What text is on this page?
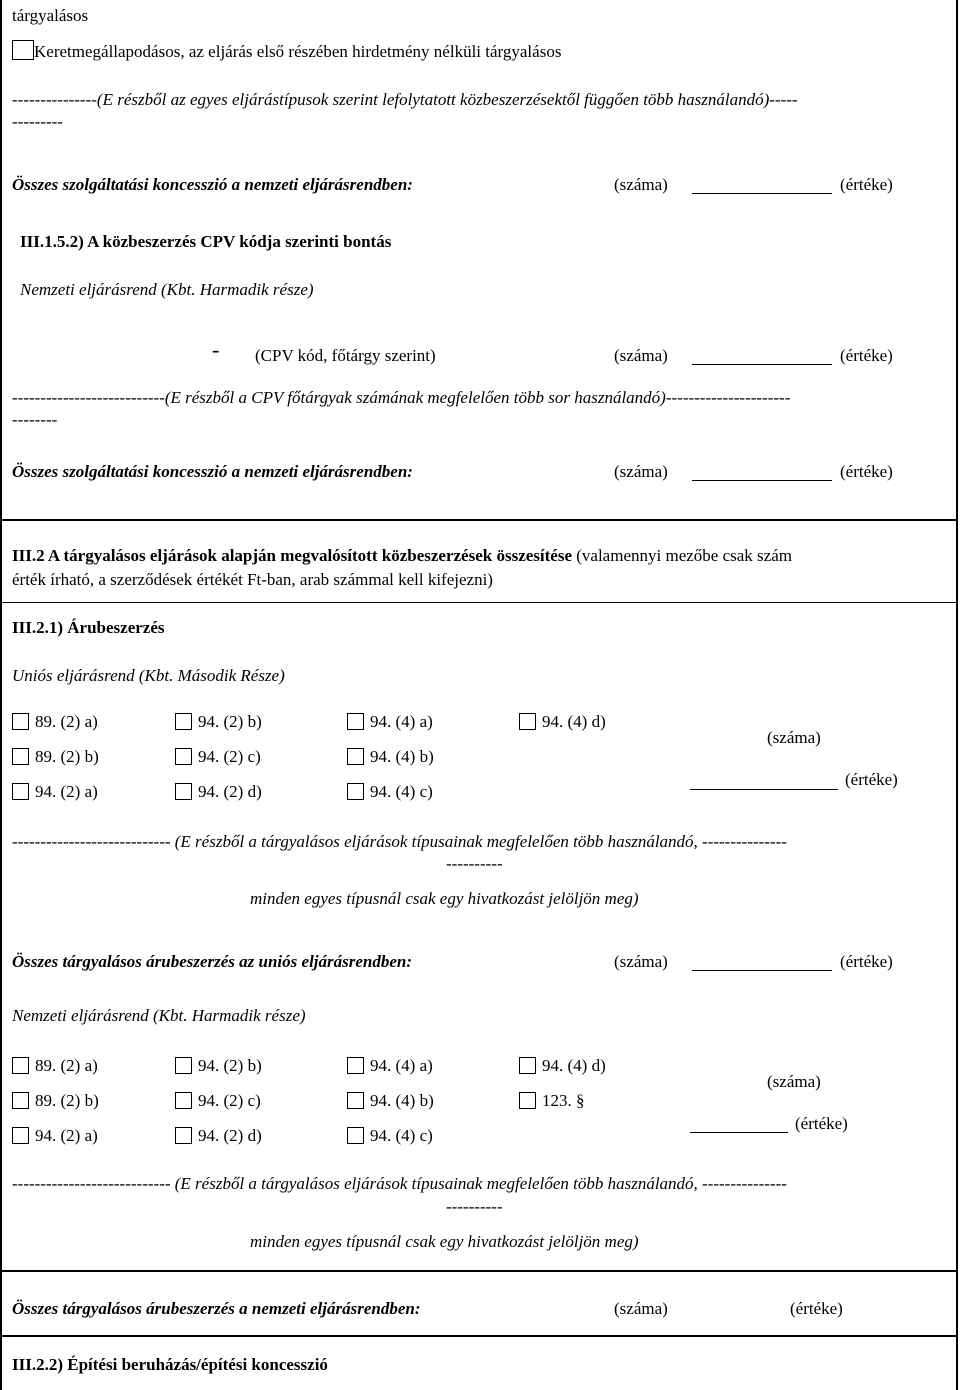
tárgyalásos
Keretmegállapodásos, az eljárás első részében hirdetmény nélküli tárgyalásos
---------------(E részből az egyes eljárástípusok szerint lefolytatott közbeszerzésektől függően több használandó)-----
---------
Összes szolgáltatási koncesszió a nemzeti eljárásrendben:	(száma)	(értéke)
III.1.5.2) A közbeszerzés CPV kódja szerinti bontás
Nemzeti eljárásrend (Kbt. Harmadik része)
- (CPV kód, főtárgy szerint)	(száma)	(értéke)
---------------------------(E részből a CPV főtárgyak számának megfelelően több sor használandó)----------------------
--------
Összes szolgáltatási koncesszió a nemzeti eljárásrendben:	(száma)	(értéke)
III.2 A tárgyalásos eljárások alapján megvalósított közbeszerzések összesítése (valamennyi mezőbe csak szám
érték írható, a szerződések értékét Ft-ban, arab számmal kell kifejezni)
III.2.1) Árubeszerzés
Uniós eljárásrend (Kbt. Második Része)
89. (2) a)	94. (2) b)	94. (4) a)	94. (4) d)
89. (2) b)	94. (2) c)	94. (4) b)
94. (2) a)	94. (2) d)	94. (4) c)
(száma)
(értéke)
---------------------------- (E részből a tárgyalásos eljárások típusainak megfelelően több használandó, ---------------
----------
minden egyes típusnál csak egy hivatkozást jelöljön meg)
Összes tárgyalásos árubeszerzés az uniós eljárásrendben:	(száma)	(értéke)
Nemzeti eljárásrend (Kbt. Harmadik része)
89. (2) a)	94. (2) b)	94. (4) a)	94. (4) d)
89. (2) b)	94. (2) c)	94. (4) b)	123. §
94. (2) a)	94. (2) d)	94. (4) c)
(száma)
(értéke)
---------------------------- (E részből a tárgyalásos eljárások típusainak megfelelően több használandó, ---------------
----------
minden egyes típusnál csak egy hivatkozást jelöljön meg)
Összes tárgyalásos árubeszerzés a nemzeti eljárásrendben:	(száma)	(értéke)
III.2.2) Építési beruházás/építési koncesszió
